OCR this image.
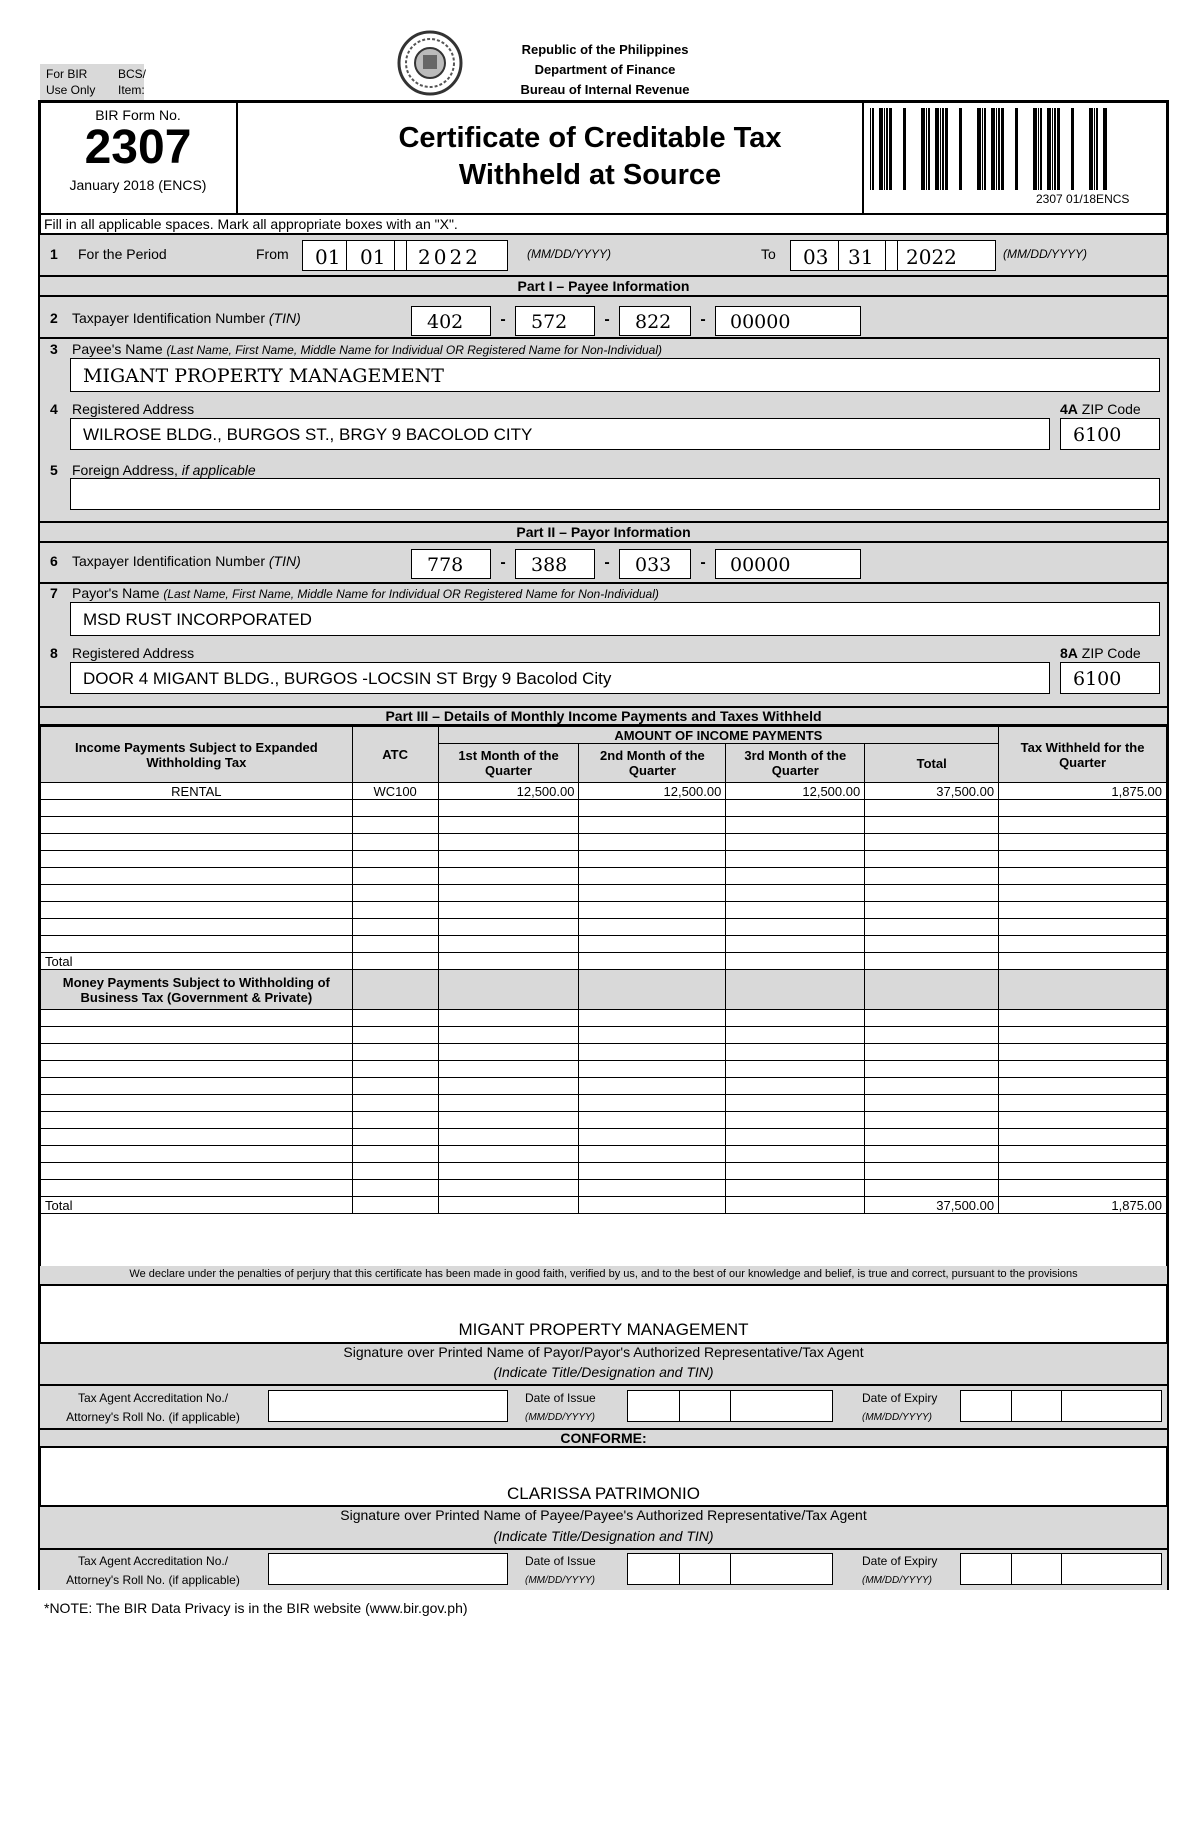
For BIR
Use Only
BCS/
Item:
Republic of the Philippines
Department of Finance
Bureau of Internal Revenue
BIR Form No.
2307
January 2018 (ENCS)
Certificate of Creditable Tax
Withheld at Source
2307 01/18ENCS
Fill in all applicable spaces. Mark all appropriate boxes with an "X".
1 For the Period	From 01 01 2022	(MM/DD/YYYY)	To 03 31 2022	(MM/DD/YYYY)
Part I – Payee Information
2 Taxpayer Identification Number (TIN)	402	-	572	-	822	-	00000
3 Payee's Name (Last Name, First Name, Middle Name for Individual OR Registered Name for Non-Individual)
MIGANT PROPERTY MANAGEMENT
4 Registered Address	4A ZIP Code
WILROSE BLDG., BURGOS ST., BRGY 9 BACOLOD CITY	6100
5 Foreign Address, if applicable
Part II – Payor Information
6 Taxpayer Identification Number (TIN)	778	-	388	-	033	-	00000
7 Payor's Name (Last Name, First Name, Middle Name for Individual OR Registered Name for Non-Individual)
MSD RUST INCORPORATED
8 Registered Address	8A ZIP Code
DOOR 4 MIGANT BLDG., BURGOS -LOCSIN ST Brgy 9 Bacolod City	6100
Part III – Details of Monthly Income Payments and Taxes Withheld
Income Payments Subject to Expanded Withholding Tax	ATC	AMOUNT OF INCOME PAYMENTS				Tax Withheld for the Quarter
		1st Month of the Quarter	2nd Month of the Quarter	3rd Month of the Quarter	Total	
RENTAL	WC100	12,500.00	12,500.00	12,500.00	37,500.00	1,875.00

Total						
Money Payments Subject to Withholding of Business Tax (Government & Private)						

Total					37,500.00	1,875.00
We declare under the penalties of perjury that this certificate has been made in good faith, verified by us, and to the best of our knowledge and belief, is true and correct, pursuant to the provisions
MIGANT PROPERTY MANAGEMENT
Signature over Printed Name of Payor/Payor's Authorized Representative/Tax Agent
(Indicate Title/Designation and TIN)
Tax Agent Accreditation No./
Attorney's Roll No. (if applicable)
Date of Issue
(MM/DD/YYYY)
Date of Expiry
(MM/DD/YYYY)
CONFORME:
CLARISSA PATRIMONIO
Signature over Printed Name of Payee/Payee's Authorized Representative/Tax Agent
(Indicate Title/Designation and TIN)
Tax Agent Accreditation No./
Attorney's Roll No. (if applicable)
Date of Issue
(MM/DD/YYYY)
Date of Expiry
(MM/DD/YYYY)
*NOTE: The BIR Data Privacy is in the BIR website (www.bir.gov.ph)
